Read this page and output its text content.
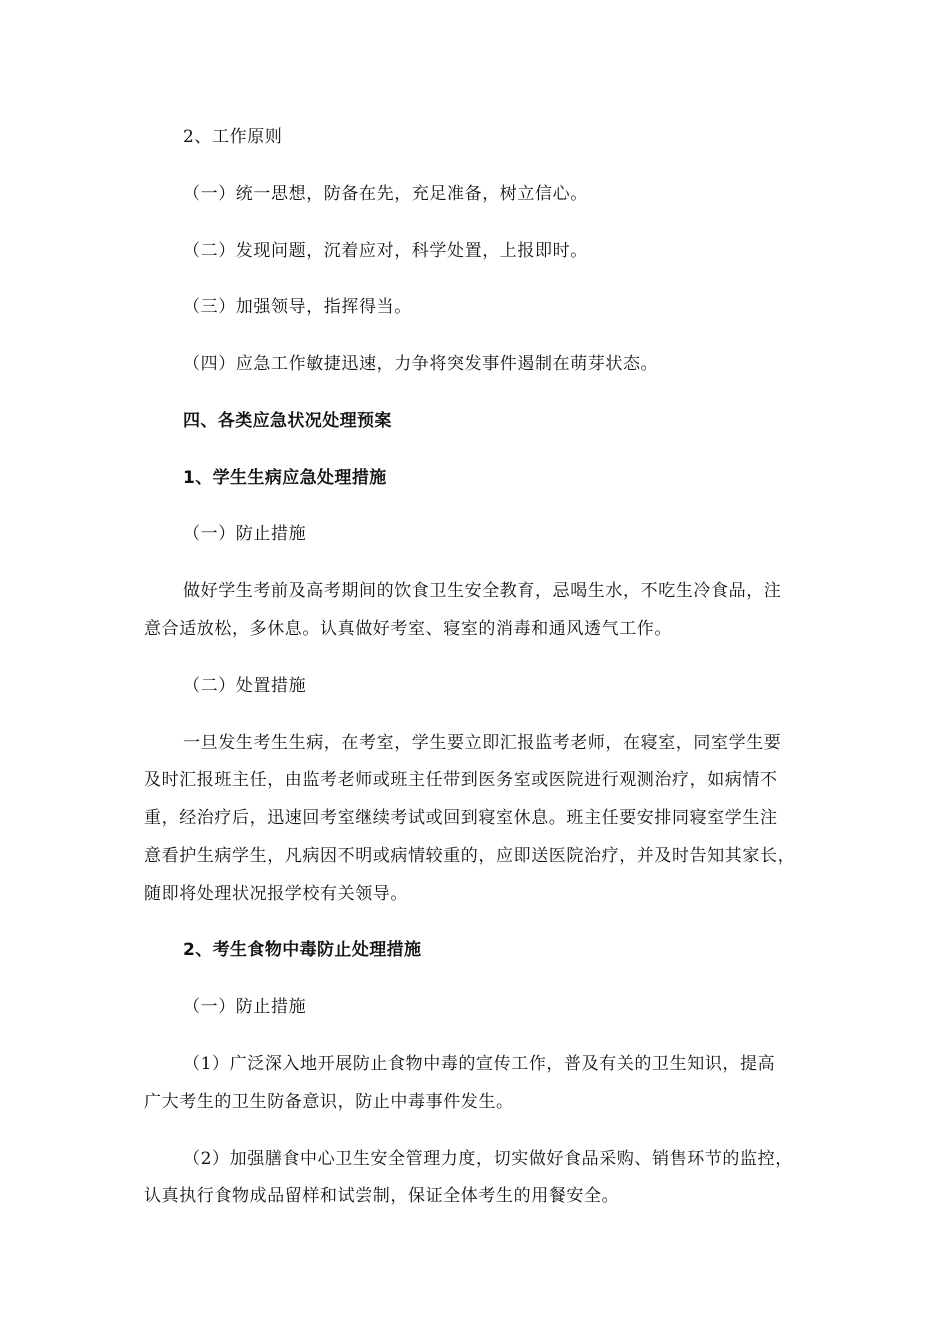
2、工作原则
（一）统一思想，防备在先，充足准备，树立信心。
（二）发现问题，沉着应对，科学处置，上报即时。
（三）加强领导，指挥得当。
（四）应急工作敏捷迅速，力争将突发事件遏制在萌芽状态。
四、各类应急状况处理预案
1、学生生病应急处理措施
（一）防止措施
做好学生考前及高考期间的饮食卫生安全教育，忌喝生水，不吃生冷食品，注
意合适放松，多休息。认真做好考室、寝室的消毒和通风透气工作。
（二）处置措施
一旦发生考生生病，在考室，学生要立即汇报监考老师，在寝室，同室学生要
及时汇报班主任，由监考老师或班主任带到医务室或医院进行观测治疗，如病情不
重，经治疗后，迅速回考室继续考试或回到寝室休息。班主任要安排同寝室学生注
意看护生病学生，凡病因不明或病情较重的，应即送医院治疗，并及时告知其家长，
随即将处理状况报学校有关领导。
2、考生食物中毒防止处理措施
（一）防止措施
（1）广泛深入地开展防止食物中毒的宣传工作，普及有关的卫生知识，提高
广大考生的卫生防备意识，防止中毒事件发生。
（2）加强膳食中心卫生安全管理力度，切实做好食品采购、销售环节的监控，
认真执行食物成品留样和试尝制，保证全体考生的用餐安全。
